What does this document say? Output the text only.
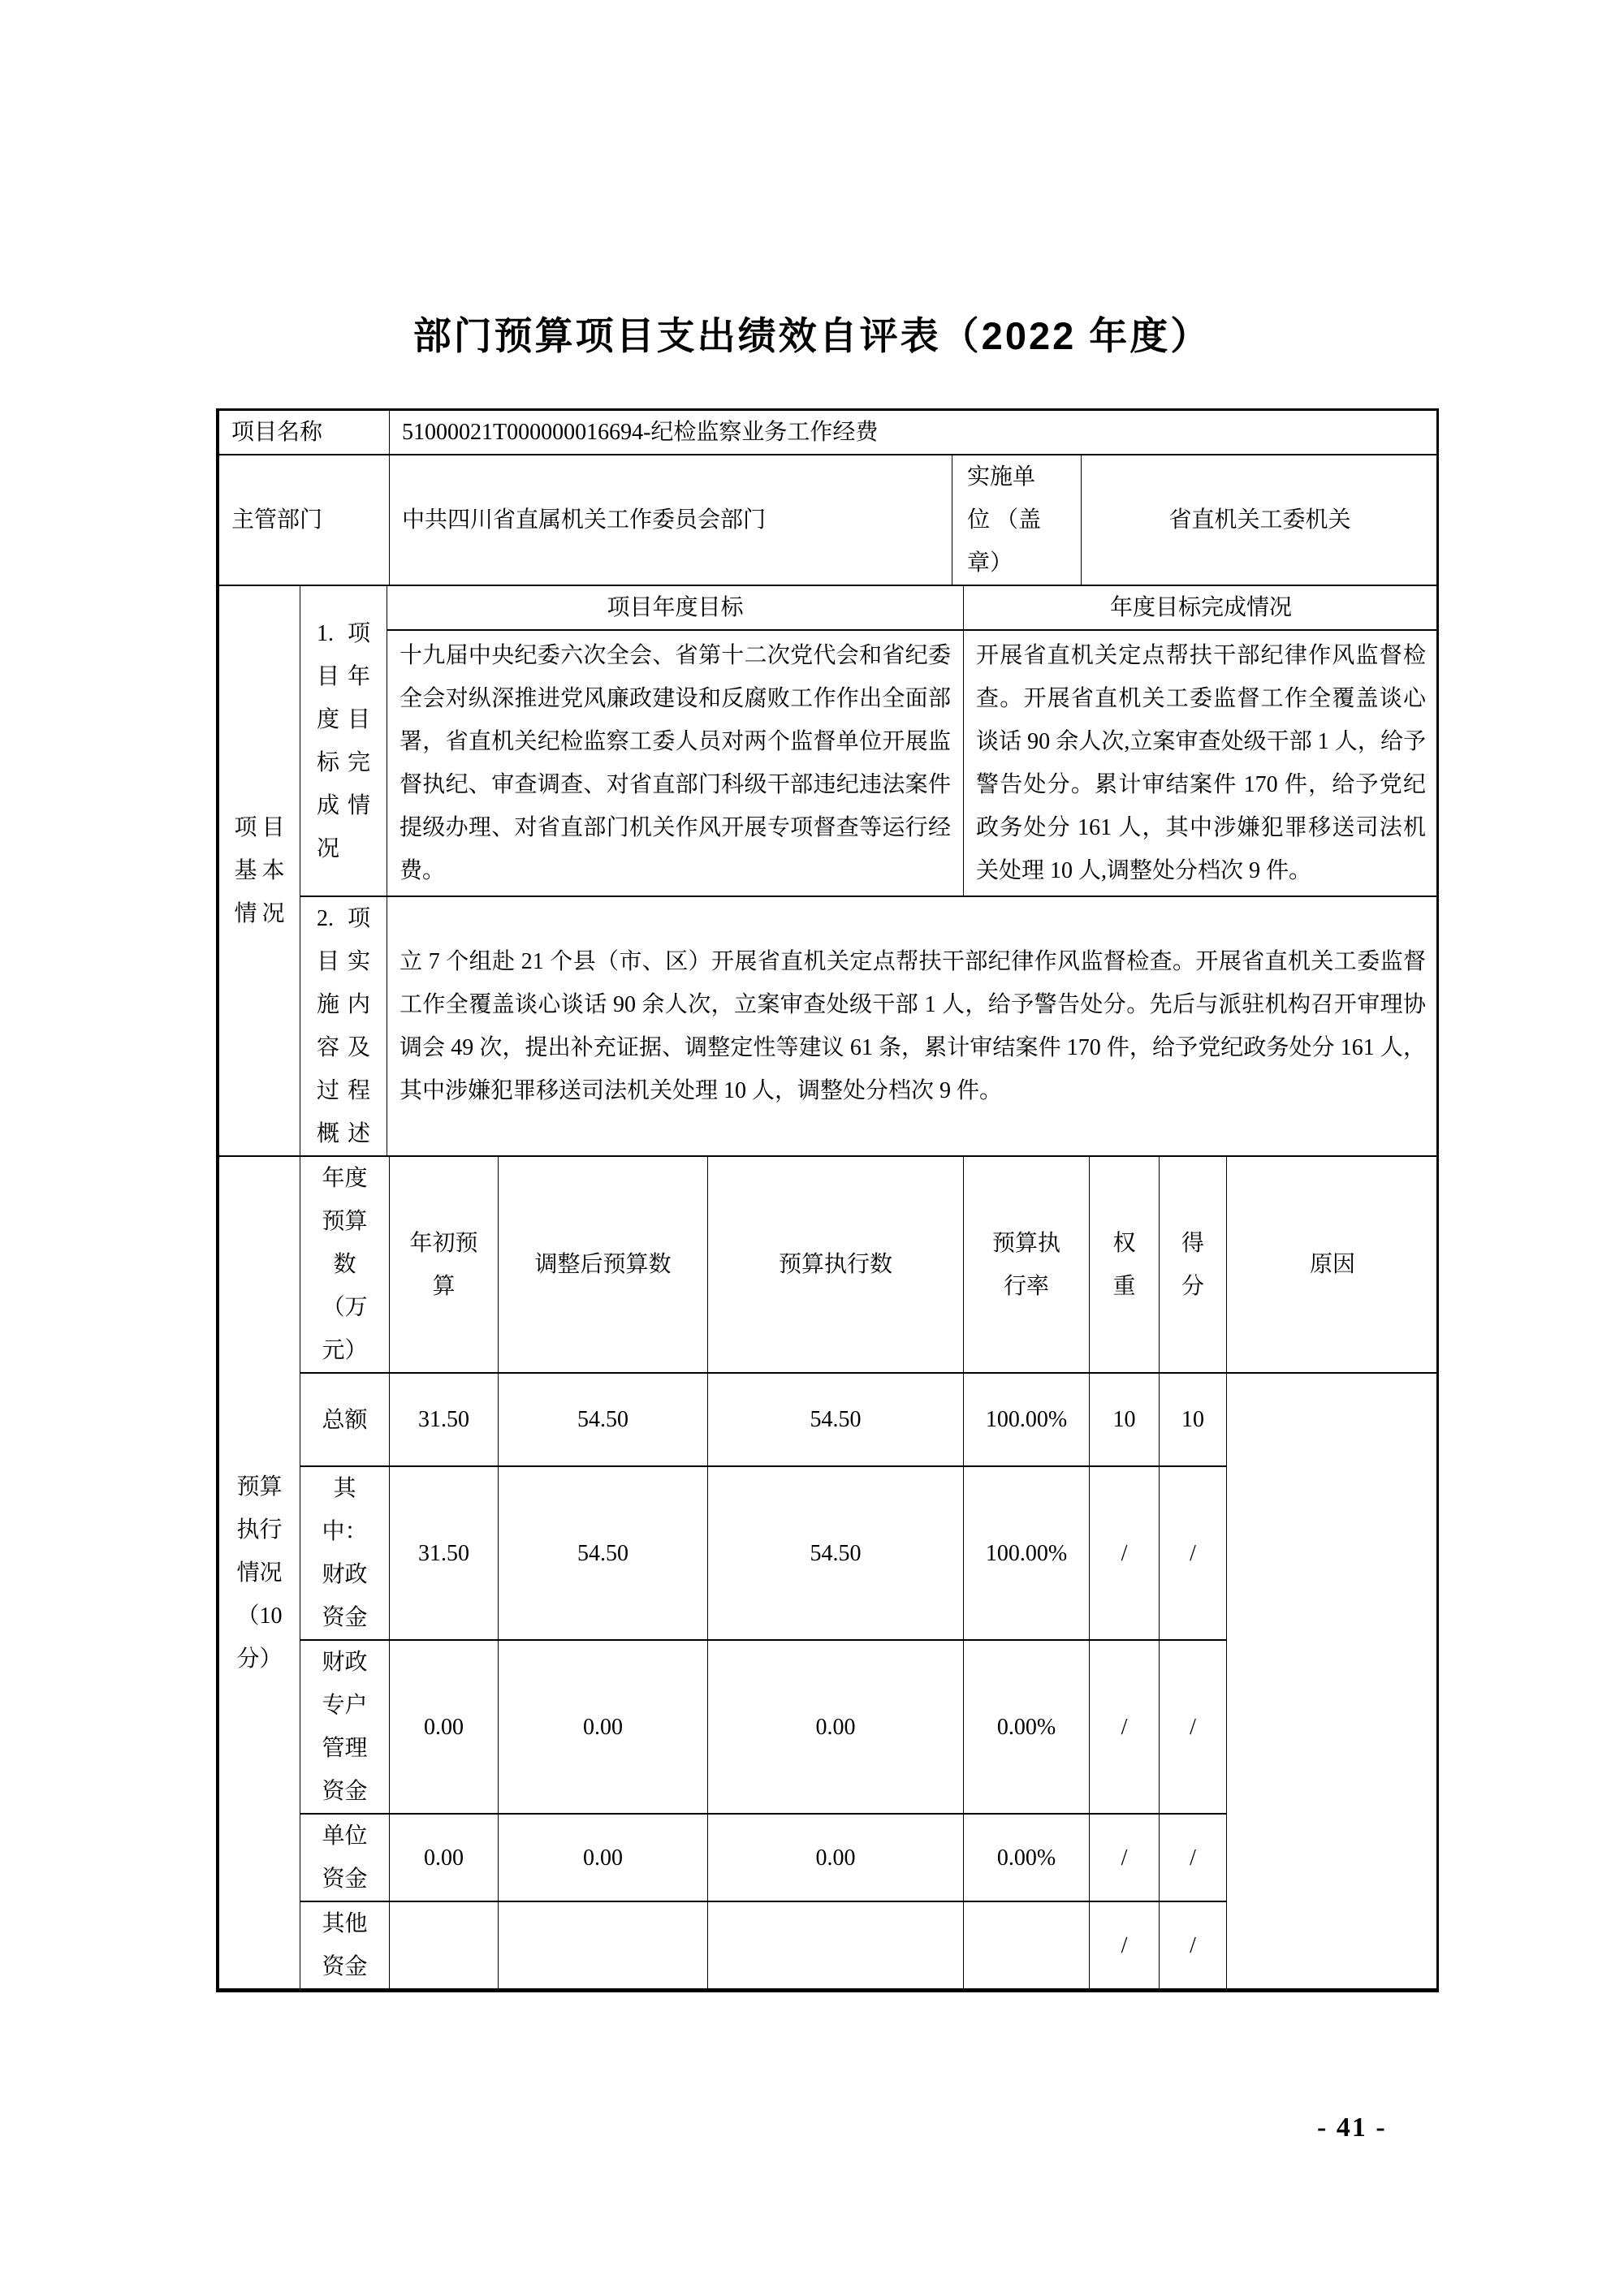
部门预算项目支出绩效自评表（2022 年度）
项目名称	51000021T000000016694-纪检监察业务工作经费		
主管部门	中共四川省直属机关工作委员会部门	实施单位 （盖章）	省直机关工委机关
项目基本情况	1.项目年度目标完成情况	项目年度目标	年度目标完成情况
		十九届中央纪委六次全会、省第十二次党代会和省纪委全会对纵深推进党风廉政建设和反腐败工作作出全面部署，省直机关纪检监察工委人员对两个监督单位开展监督执纪、审查调查、对省直部门科级干部违纪违法案件提级办理、对省直部门机关作风开展专项督查等运行经费。	开展省直机关定点帮扶干部纪律作风监督检查。开展省直机关工委监督工作全覆盖谈心谈话 90 余人次,立案审查处级干部 1 人，给予警告处分。累计审结案件 170 件，给予党纪政务处分 161 人，其中涉嫌犯罪移送司法机关处理 10 人,调整处分档次 9 件。
	2.项目实施内容及过程概述	立 7 个组赴 21 个县（市、区）开展省直机关定点帮扶干部纪律作风监督检查。开展省直机关工委监督工作全覆盖谈心谈话 90 余人次，立案审查处级干部 1 人，给予警告处分。先后与派驻机构召开审理协调会 49 次，提出补充证据、调整定性等建议 61 条，累计审结案件 170 件，给予党纪政务处分 161 人，其中涉嫌犯罪移送司法机关处理 10 人，调整处分档次 9 件。	
预算执行情况（10分）	年度预算数（万元）	年初预算	调整后预算数	预算执行数	预算执行率	权重	得分	原因
	总额	31.50	54.50	54.50	100.00%	10	10	
	其中：财政资金	31.50	54.50	54.50	100.00%	/	/	
	财政专户管理资金	0.00	0.00	0.00	0.00%	/	/	
	单位资金	0.00	0.00	0.00	0.00%	/	/	
	其他资金					/	/	
- 41 -
